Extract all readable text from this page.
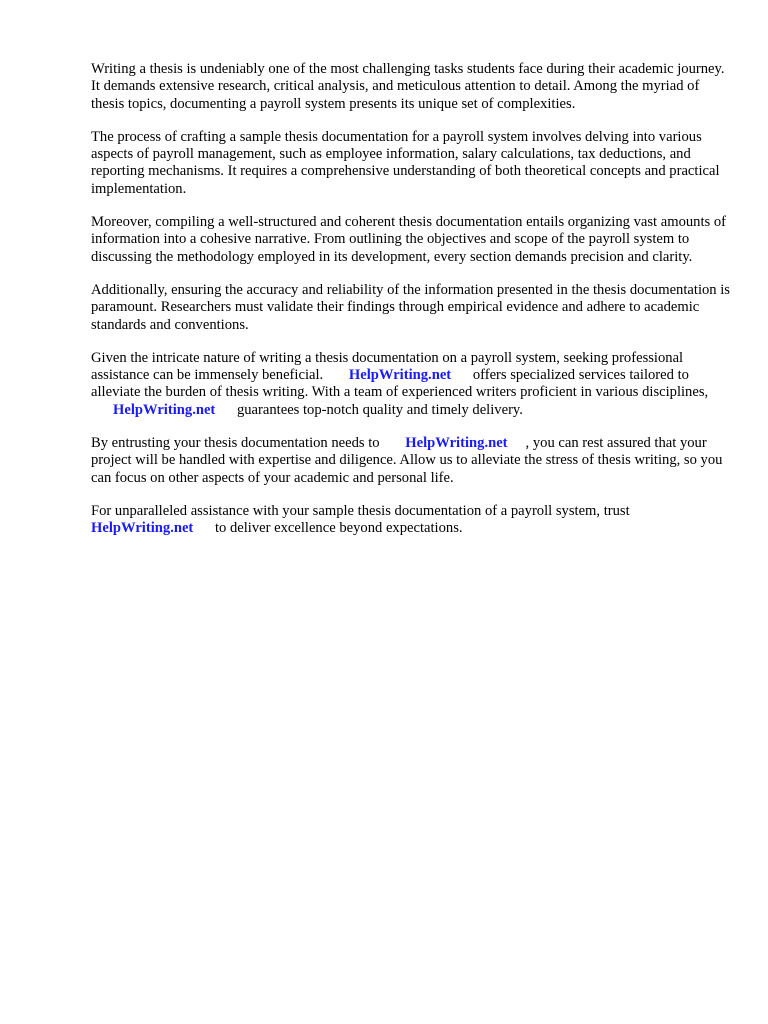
Writing a thesis is undeniably one of the most challenging tasks students face during their academic journey. It demands extensive research, critical analysis, and meticulous attention to detail. Among the myriad of thesis topics, documenting a payroll system presents its unique set of complexities.

The process of crafting a sample thesis documentation for a payroll system involves delving into various aspects of payroll management, such as employee information, salary calculations, tax deductions, and reporting mechanisms. It requires a comprehensive understanding of both theoretical concepts and practical implementation.

Moreover, compiling a well-structured and coherent thesis documentation entails organizing vast amounts of information into a cohesive narrative. From outlining the objectives and scope of the payroll system to discussing the methodology employed in its development, every section demands precision and clarity.

Additionally, ensuring the accuracy and reliability of the information presented in the thesis documentation is paramount. Researchers must validate their findings through empirical evidence and adhere to academic standards and conventions.

Given the intricate nature of writing a thesis documentation on a payroll system, seeking professional assistance can be immensely beneficial. HelpWriting.net offers specialized services tailored to alleviate the burden of thesis writing. With a team of experienced writers proficient in various disciplines, HelpWriting.net guarantees top-notch quality and timely delivery.

By entrusting your thesis documentation needs to HelpWriting.net , you can rest assured that your project will be handled with expertise and diligence. Allow us to alleviate the stress of thesis writing, so you can focus on other aspects of your academic and personal life.

For unparalleled assistance with your sample thesis documentation of a payroll system, trust HelpWriting.net to deliver excellence beyond expectations.
